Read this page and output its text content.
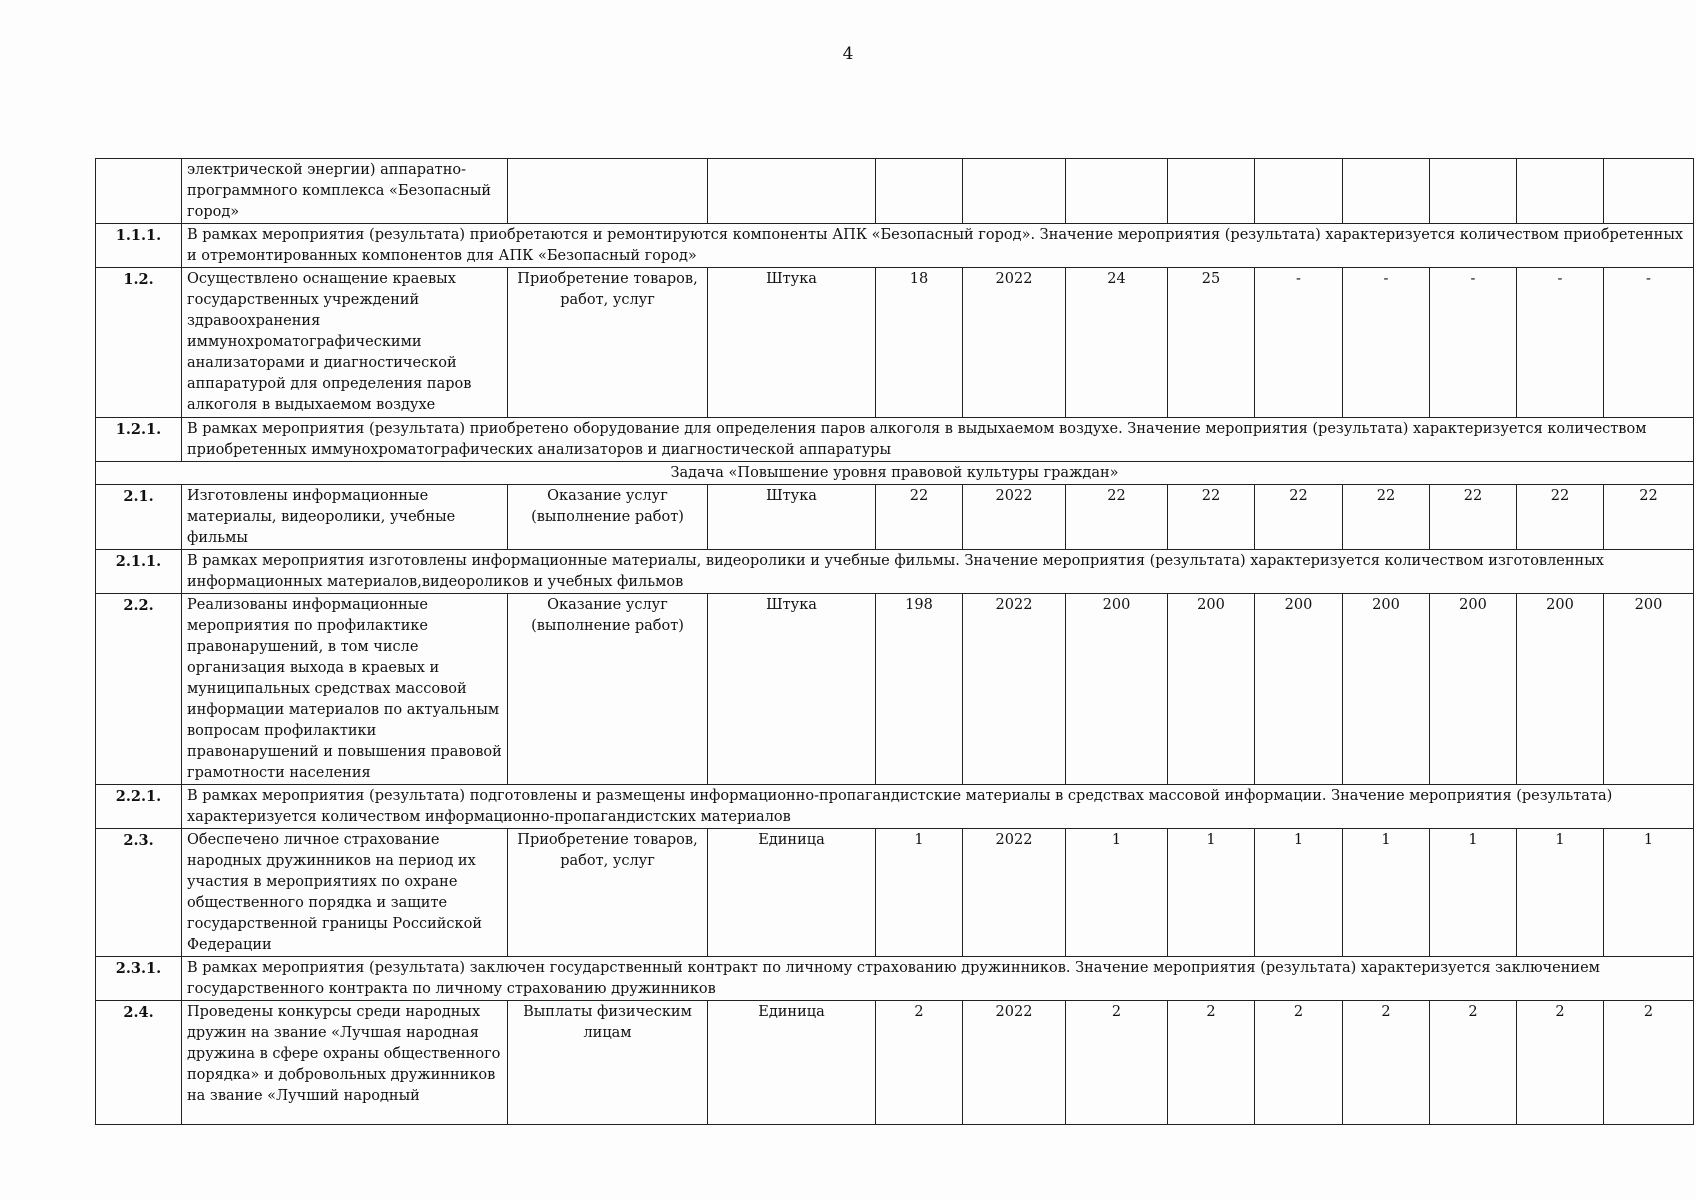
4
	электрической энергии) аппаратно-программного комплекса «Безопасный город»											
1.1.1.	В рамках мероприятия (результата) приобретаются и ремонтируются компоненты АПК «Безопасный город». Значение мероприятия (результата) характеризуется количеством приобретенных и отремонтированных компонентов для АПК «Безопасный город»											
1.2.	Осуществлено оснащение краевых государственных учреждений здравоохранения иммунохроматографическими анализаторами и диагностической аппаратурой для определения паров алкоголя в выдыхаемом воздухе	Приобретение товаров, работ, услуг	Штука	18	2022	24	25	-	-	-	-	-
1.2.1.	В рамках мероприятия (результата) приобретено оборудование для определения паров алкоголя в выдыхаемом воздухе. Значение мероприятия (результата) характеризуется количеством приобретенных иммунохроматографических анализаторов и диагностической аппаратуры											
Задача «Повышение уровня правовой культуры граждан»												
2.1.	Изготовлены информационные материалы, видеоролики, учебные фильмы	Оказание услуг (выполнение работ)	Штука	22	2022	22	22	22	22	22	22	22
2.1.1.	В рамках мероприятия изготовлены информационные материалы, видеоролики и учебные фильмы. Значение мероприятия (результата) характеризуется количеством изготовленных информационных материалов,видеороликов и учебных фильмов											
2.2.	Реализованы информационные мероприятия по профилактике правонарушений, в том числе организация выхода в краевых и муниципальных средствах массовой информации материалов по актуальным вопросам профилактики правонарушений и повышения правовой грамотности населения	Оказание услуг (выполнение работ)	Штука	198	2022	200	200	200	200	200	200	200
2.2.1.	В рамках мероприятия (результата) подготовлены и размещены информационно-пропагандистские материалы в средствах массовой информации. Значение мероприятия (результата) характеризуется количеством информационно-пропагандистских материалов											
2.3.	Обеспечено личное страхование народных дружинников на период их участия в мероприятиях по охране общественного порядка и защите государственной границы Российской Федерации	Приобретение товаров, работ, услуг	Единица	1	2022	1	1	1	1	1	1	1
2.3.1.	В рамках мероприятия (результата) заключен государственный контракт по личному страхованию дружинников. Значение мероприятия (результата) характеризуется заключением государственного контракта по личному страхованию дружинников											
2.4.	Проведены конкурсы среди народных дружин на звание «Лучшая народная дружина в сфере охраны общественного порядка» и добровольных дружинников на звание «Лучший народный	Выплаты физическим лицам	Единица	2	2022	2	2	2	2	2	2	2
